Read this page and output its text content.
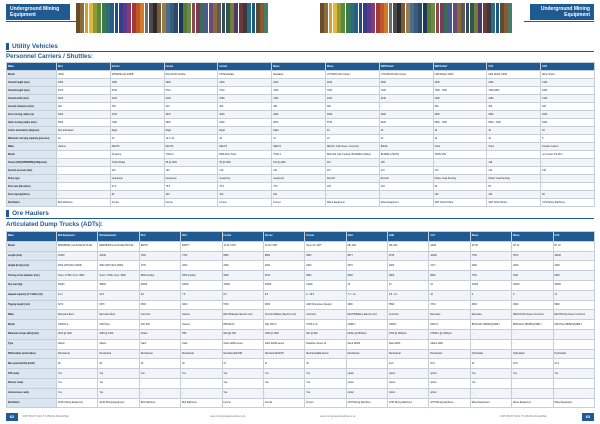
Underground Mining Equipment
Underground Mining Equipment
Utility Vehicles
Personnel Carriers / Shuttles:
Make	Bird	Fermel	Fermel	Fermel	Miseo	Miseo	SMT/Scharf	SMT/Scharf	UVS	UVS	
Model	CP20	RHMA/MA-20-3/ARB	Rhino/SUV Flexible	FK/Shuttle/Ele	Mandalup	UTV230/C Mini Carrier	UTV230/C/N Mini Carrier	LRM Mobile VR20	LRM Mobile VR30	Miner Sprint	
Overall height (mm)	2050	1950	1900	2400	2010	2040	2360	2250	2250	2160	
Overall length (mm)	6370	6790	5710	6740	7060	7020	7320	7300 - 7400	7300-9300	6400	
Overall width (mm)	2020	2100	2100	2380	2160	2320	2240	2180	2180	2100	
Ground clearance (mm)	320	300	310	300	290	300	-	300	300	320	
Inner turning radius (m)	3300	4700	3670	3020	2600	3250	2600	2800	2800	2000	
Outer turning radius (mm)	5500	7000	5930	6200	5870	5750	5400	5800 - 7200	5800 - 7200	5900	
Centre articulation (degrees)	Non articulated	Rigid	Rigid	Rigid	Rigid	40	40	40	40	40	
Maximum carrying capacity (persons)	20	16	12 or 16	18	12	16	12	20	16	5	
Make	Various	DEUTZ	DEUTZ	DEUTZ	DEUTZ	DEUTZ, John Deere, Cummins	Bobbin	Volvo	Volvo	Koustin Custom	
Model	-	(Custom)	TCD2.0	BF6L2011 Turbo	TCD4.1	BF4L914 (Life-Cooled), BF4M2012 (Water)	BF4M914 (SUPV)	TAD571VE	-	on Cumper FS (DV)	
Power (KW@RPM/RPM@kW/power)	-	71kW (Peak)	55 @ 2300	55 @ 2300	115 @ 2300	115	105	-	128	-	
System pressure (bar)	-	210	160	210	210	207	170	170	210	210	
Pump type	-	Gearpump	Gearpump	Gearpump	Gearpump	Rexroth	Rexroth	Parker Load Sensing	Parker Load Sensing	-	
Flow rate (litres/min)	-	57.4	75.5	75.5	75.5	103	103	66	55	-	
Fuel capacity(litres)	-	80	100	100	100	-	-	100	100	90	
Distributor	Bird Machines	Fermel	Fermel	Fermel	Fermel	Miseo Equipment	Miseo Equipment	SMT Scharf Africa	SMT Scharf Africa	UVS Mining Machines	
Ore Haulers
Articulated Dump Trucks (ADTs):
Make	Bell Equipment	Bell Equipment	Bird	Bird	Fermel	Fermel	Fermel	GHH	GHH	CAT	Miseo	Miseo	UVS
Model	B20D/B40D Low-Profile/4T4S Mk	B30D/B40D Low-Profile/4T4S Mk	B20TH	B30TH	JA 18 / 4WT	JA 18 / 6WT	Neon 12 / 4WT	MK-A20	MK-A23	AD22	RT 30	RT 22	RT 22
Length (mm)	10330	10430	7200	7700	8950	8900	9950	8677	9735	10400	7700	8570	10200
Height (body) (mm)	2600 (ADT)/SL0 (2500)	2600 (ADT)/SL0 (2500)	1700	2200	2200	2200	1800	2070	2000	2177	2000	2200	2200
Turning circle diameter (mm)	Outer: 17300, Inner: 9600	Outer: 17300, Inner: 9600	8450 (Inside)	8450 (Inside)	6000	6700	5900	6400	9600	8600	7700	8110	6600
Pay load (kg)	30000	35000	20000	18000	14000	20000	14000	20	23	22	10000	22000	30000
Heaped capacity (2:1 SAE) (m3)	13.4	16.5	8.0	7.5	8.5	9.0	6 - 10.5	7.7 - 12	9.5 - 14	10	9	9	17
Tipping height (mm)	6270	6370	3500	4000	5700	6000	4260 (Pumpover Design)	4800	5590	3740	4800	4500	5900
Make	Mercedes Benz	Mercedes Benz	Cummins	Various	DEUTZ/Engine Electric mod	Cummins/Battery Electric mod	Cummins	DEUTZ/Battery Electric mod	Cummins	Mercedes	Mercedes	DEUTZ/John Deere Cummins	DEUTZ/John Deere Cummins
Model	OM471LA	OM471LA	QSL 300	Various	BF6L914C	QSL 360 III	TCD6.1 L6	QSB6.7	OM471	OM471	BF6L914C (BDMP)/QSB6.7	BF6L914C (BDMP)/QSB6.7	OM471LA (BDMP)/QSB6.7
Maximum torque (Nm@rpm)	2100 @ 1300	2450 @ 1300	Infinite	TBC	600 @1 500	1350 @ 1500	600 @ 900	Mohler @1500rpm	2700 @ 1500rpm	2750Nm @ 1300rpm	-	-	-
Type	Allison	Allison	Clark	Clark	Clark 12000 series	Clark 32000 series	Dualdrive Series 12	Dana 36000	Dana 6000	Allison 4000	-	-	-
Differentials (and brakes)	Mechanical	Mechanical	Mechanical	Mechanical	Mechanical/SAHR	Mechanical/SAHR	Mechanical/Electronic	Mechanical	Mechanical	Mechanical	Hydrostatic	Hydrostatic	Hydrostatic
Max speed (km/h) (km/h)	28	28	20	20	21	21	20	-	24.0	25.2	23	18.8	21.6
FSS ready	Yes	Yes	Yes	Yes	Yes	Yes	Yes	option	option	option	Yes	Yes	Yes
Remote ready	Yes	Yes	-	-	Yes	Yes	Yes	option	option	option	Yes	-	-
Autonomous ready	Yes	Yes	-	-	Yes	-	Yes	option	option	option	-	-	-
Distributor	Smith Mining Equipment	Smith Mining Equipment	Bird Machines	Bird Machines	Fermel	Fermel	Fermel	GHH Mining Machines	GHH Mining Machines	GHH Mining Machines	Miseo Equipment	Miseo Equipment	Miseo Equipment
62	COPYRIGHT 2021 TO MINING MAGAZINE	www.miningmagazineafrica.co.za	www.miningmagazineafrica.co.za	COPYRIGHT 2021 TO MINING MAGAZINE	63
